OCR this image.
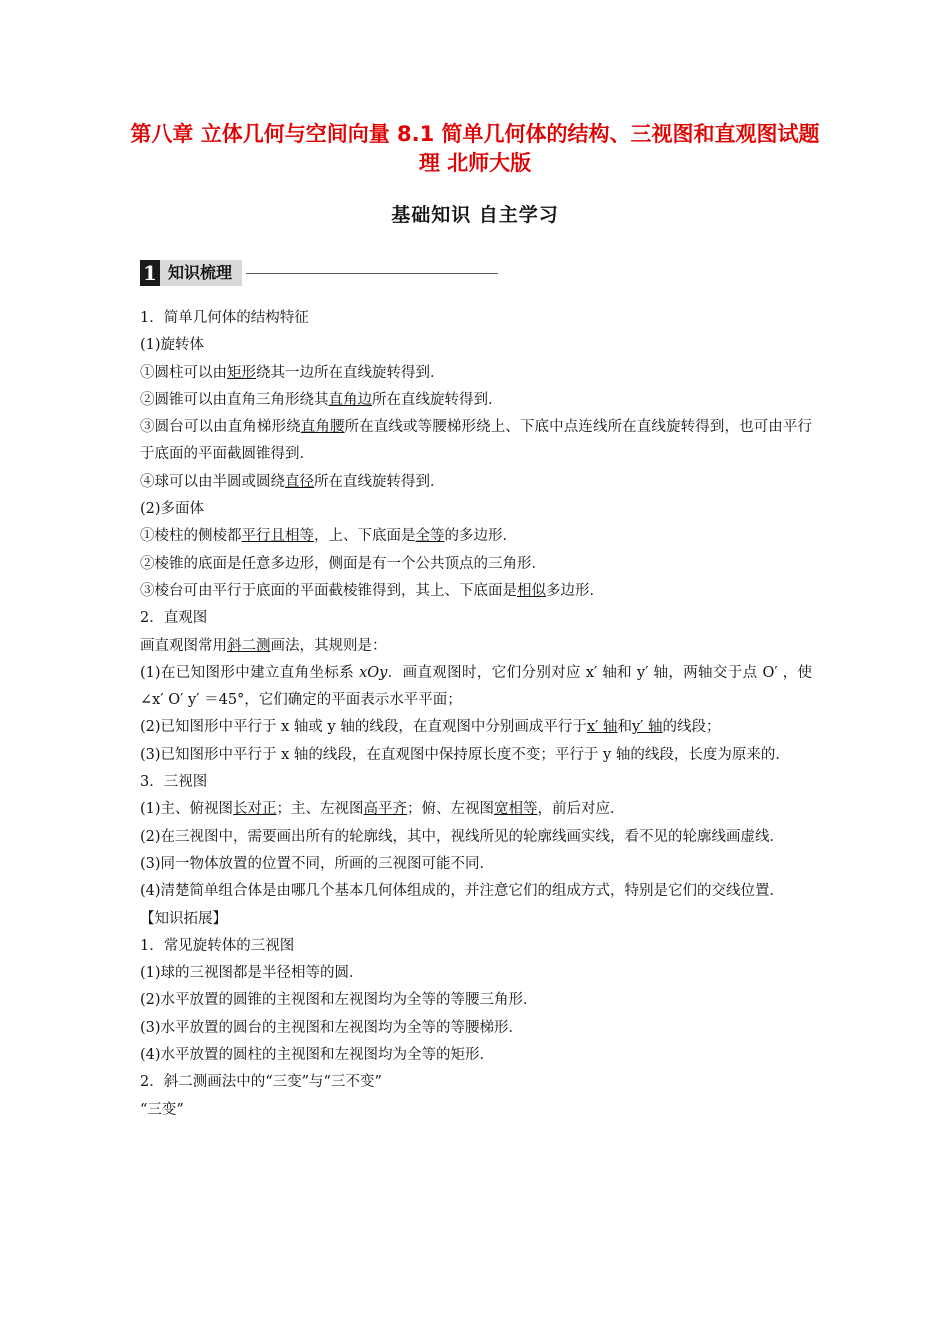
第八章 立体几何与空间向量 8.1 简单几何体的结构、三视图和直观图试题 理 北师大版
基础知识 自主学习
1 知识梳理
1．简单几何体的结构特征
(1)旋转体
①圆柱可以由矩形绕其一边所在直线旋转得到．
②圆锥可以由直角三角形绕其直角边所在直线旋转得到．
③圆台可以由直角梯形绕直角腰所在直线或等腰梯形绕上、下底中点连线所在直线旋转得到，也可由平行于底面的平面截圆锥得到．
④球可以由半圆或圆绕直径所在直线旋转得到．
(2)多面体
①棱柱的侧棱都平行且相等，上、下底面是全等的多边形．
②棱锥的底面是任意多边形，侧面是有一个公共顶点的三角形．
③棱台可由平行于底面的平面截棱锥得到，其上、下底面是相似多边形．
2．直观图
画直观图常用斜二测画法，其规则是：
(1)在已知图形中建立直角坐标系 xOy．画直观图时，它们分别对应 x′ 轴和 y′ 轴，两轴交于点 O′ ，使∠x′ O′ y′ ＝45°，它们确定的平面表示水平平面；
(2)已知图形中平行于 x 轴或 y 轴的线段，在直观图中分别画成平行于x′ 轴和y′ 轴的线段；
(3)已知图形中平行于 x 轴的线段，在直观图中保持原长度不变；平行于 y 轴的线段，长度为原来的．
3．三视图
(1)主、俯视图长对正；主、左视图高平齐；俯、左视图宽相等，前后对应．
(2)在三视图中，需要画出所有的轮廓线，其中，视线所见的轮廓线画实线，看不见的轮廓线画虚线．
(3)同一物体放置的位置不同，所画的三视图可能不同．
(4)清楚简单组合体是由哪几个基本几何体组成的，并注意它们的组成方式，特别是它们的交线位置．
【知识拓展】
1．常见旋转体的三视图
(1)球的三视图都是半径相等的圆．
(2)水平放置的圆锥的主视图和左视图均为全等的等腰三角形．
(3)水平放置的圆台的主视图和左视图均为全等的等腰梯形．
(4)水平放置的圆柱的主视图和左视图均为全等的矩形．
2．斜二测画法中的“三变”与“三不变”
“三变”
